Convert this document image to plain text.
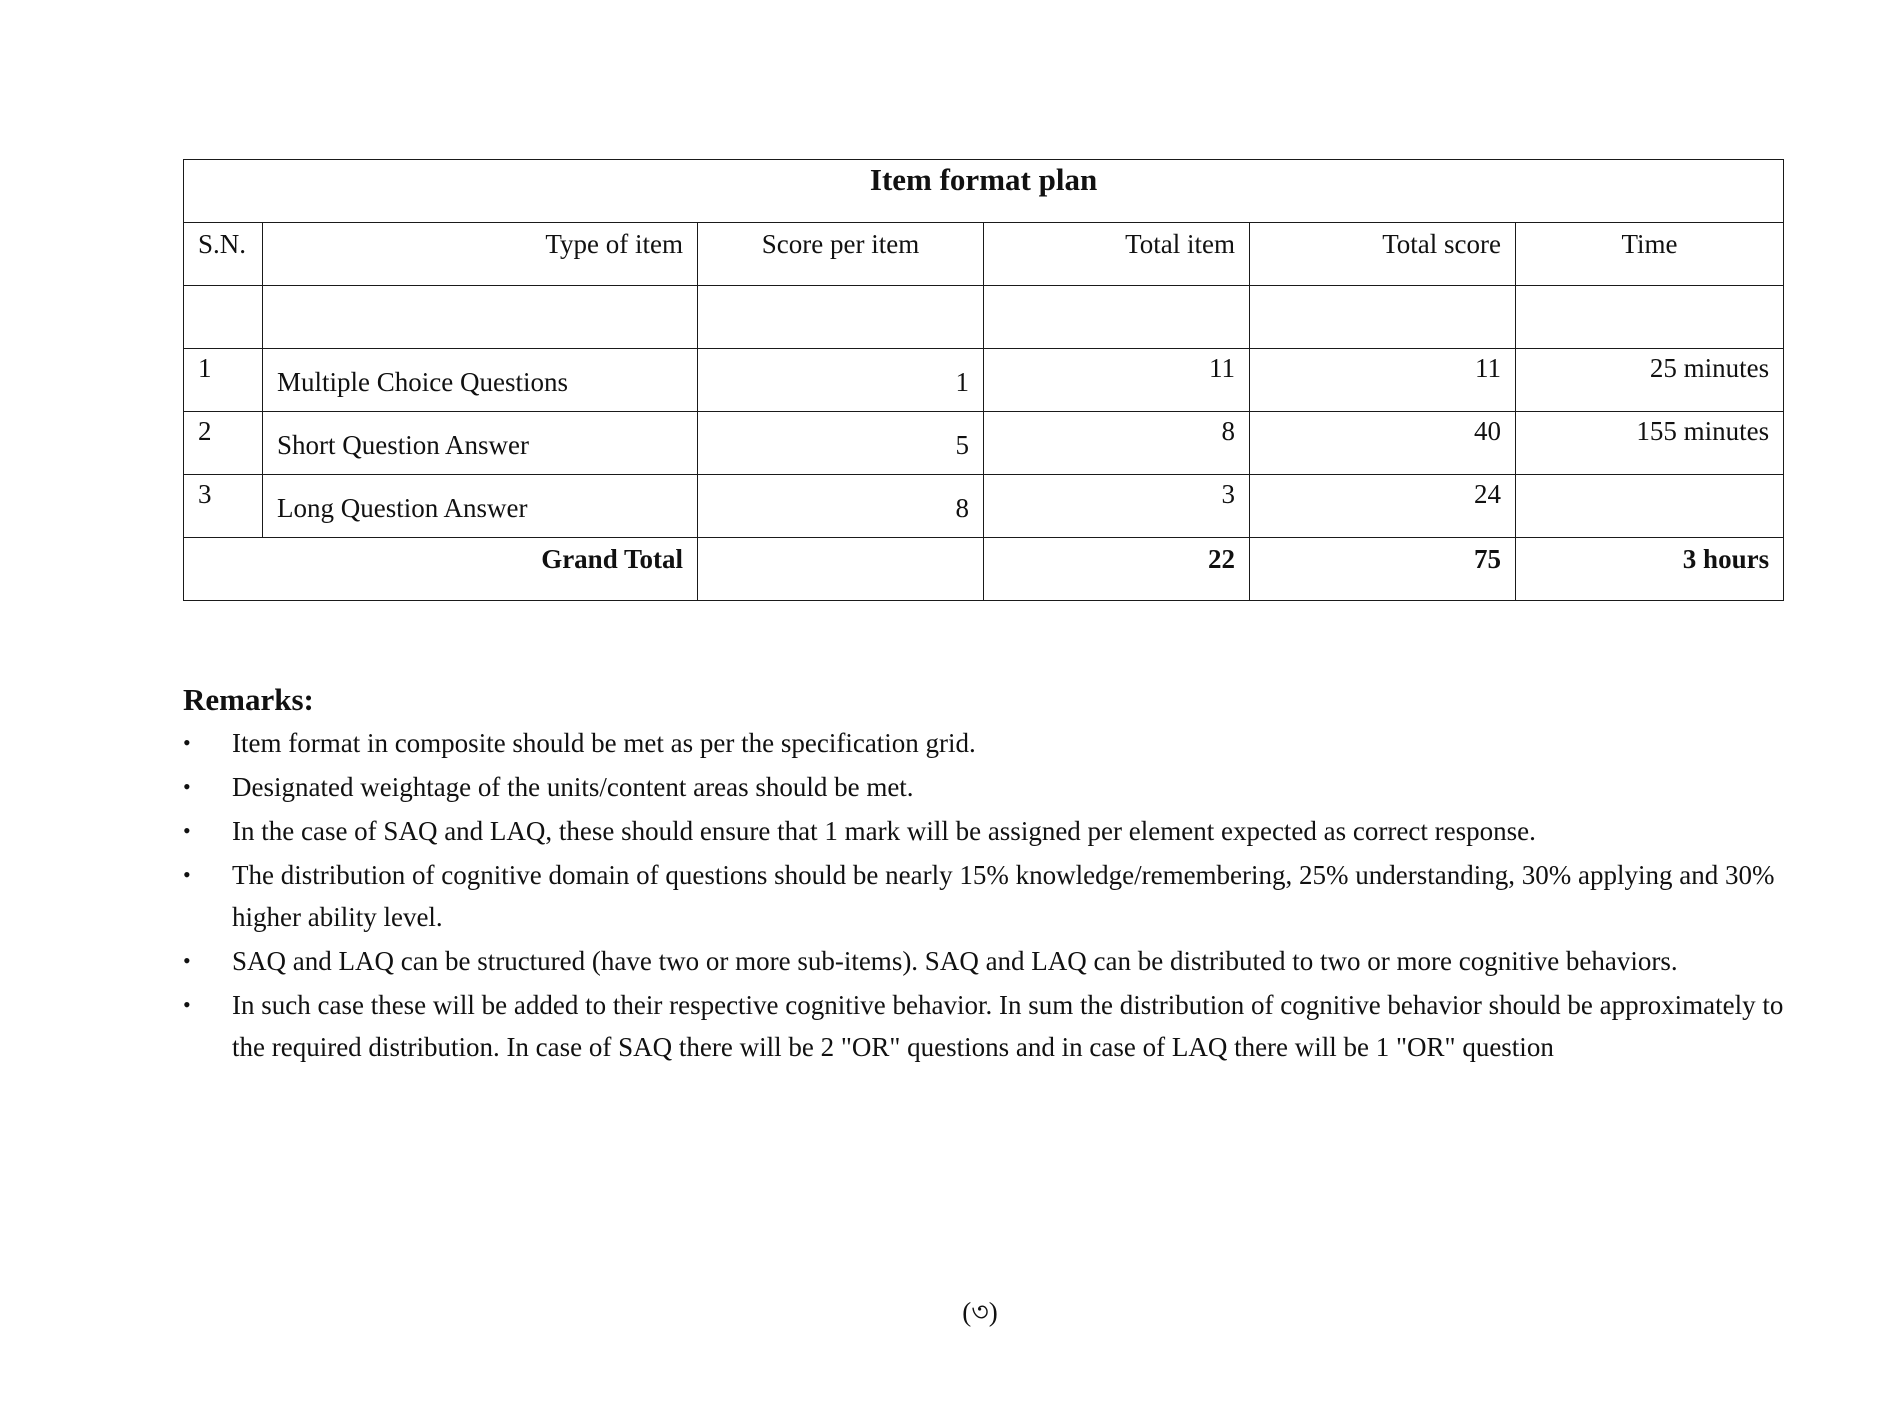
Item format plan					
S.N.	Type of item	Score per item	Total item	Total score	Time

1	Multiple Choice Questions	1	11	11	25 minutes
2	Short Question Answer	5	8	40	155 minutes
3	Long Question Answer	8	3	24	
Grand Total			22	75	3 hours
Remarks:
•	Item format in composite should be met as per the specification grid.
•	Designated weightage of the units/content areas should be met.
•	In the case of SAQ and LAQ, these should ensure that 1 mark will be assigned per element expected as correct response.
•	The distribution of cognitive domain of questions should be nearly 15% knowledge/remembering, 25% understanding, 30% applying and 30% higher ability level.
•	SAQ and LAQ can be structured (have two or more sub-items). SAQ and LAQ can be distributed to two or more cognitive behaviors.
•	In such case these will be added to their respective cognitive behavior. In sum the distribution of cognitive behavior should be approximately to the required distribution. In case of SAQ there will be 2 "OR" questions and in case of LAQ there will be 1 "OR" question
(৩)
